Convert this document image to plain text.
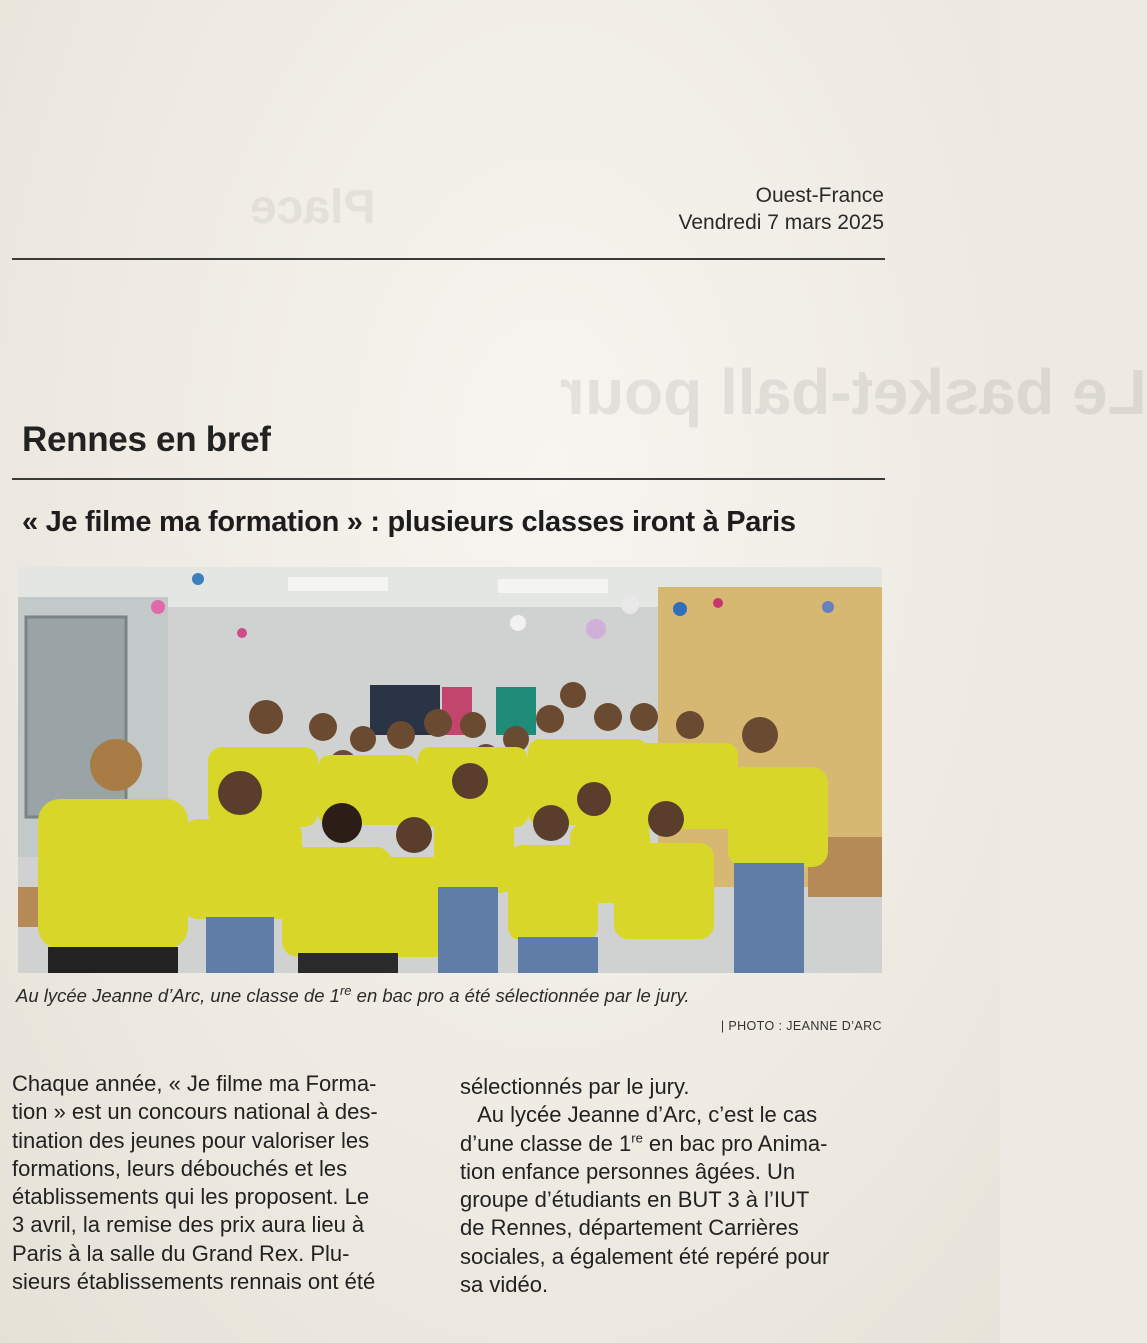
Le basket-ball pour
Place	Ouest-France
Vendredi 7 mars 2025
Rennes en bref
« Je filme ma formation » : plusieurs classes iront à Paris
Au lycée Jeanne d’Arc, une classe de 1re en bac pro a été sélectionnée par le jury.
| PHOTO : JEANNE D’ARC
Chaque année, « Je filme ma Forma-
tion » est un concours national à des-
tination des jeunes pour valoriser les
formations, leurs débouchés et les
établissements qui les proposent. Le
3 avril, la remise des prix aura lieu à
Paris à la salle du Grand Rex. Plu-
sieurs établissements rennais ont été
sélectionnés par le jury.
Au lycée Jeanne d’Arc, c’est le cas
d’une classe de 1re en bac pro Anima-
tion enfance personnes âgées. Un
groupe d’étudiants en BUT 3 à l’IUT
de Rennes, département Carrières
sociales, a également été repéré pour
sa vidéo.
